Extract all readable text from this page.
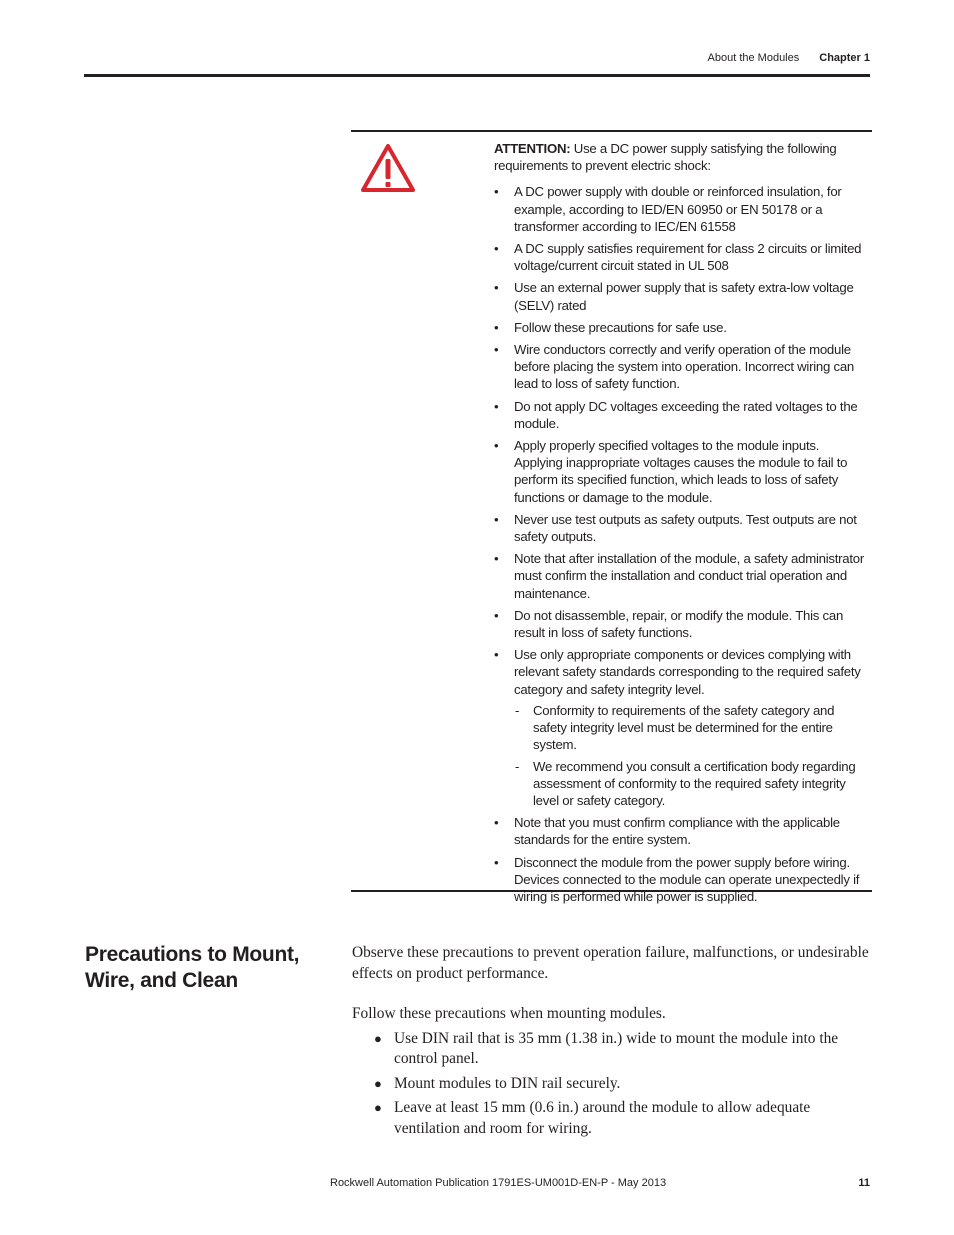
About the Modules Chapter 1

ATTENTION: Use a DC power supply satisfying the following requirements to prevent electric shock:

• A DC power supply with double or reinforced insulation, for example, according to IED/EN 60950 or EN 50178 or a transformer according to IEC/EN 61558
• A DC supply satisfies requirement for class 2 circuits or limited voltage/current circuit stated in UL 508
• Use an external power supply that is safety extra-low voltage (SELV) rated
• Follow these precautions for safe use.
• Wire conductors correctly and verify operation of the module before placing the system into operation. Incorrect wiring can lead to loss of safety function.
• Do not apply DC voltages exceeding the rated voltages to the module.
• Apply properly specified voltages to the module inputs. Applying inappropriate voltages causes the module to fail to perform its specified function, which leads to loss of safety functions or damage to the module.
• Never use test outputs as safety outputs. Test outputs are not safety outputs.
• Note that after installation of the module, a safety administrator must confirm the installation and conduct trial operation and maintenance.
• Do not disassemble, repair, or modify the module. This can result in loss of safety functions.
• Use only appropriate components or devices complying with relevant safety standards corresponding to the required safety category and safety integrity level.
- Conformity to requirements of the safety category and safety integrity level must be determined for the entire system.
- We recommend you consult a certification body regarding assessment of conformity to the required safety integrity level or safety category.
• Note that you must confirm compliance with the applicable standards for the entire system.
• Disconnect the module from the power supply before wiring. Devices connected to the module can operate unexpectedly if wiring is performed while power is supplied.
Precautions to Mount, Wire, and Clean

Observe these precautions to prevent operation failure, malfunctions, or undesirable effects on product performance.

Follow these precautions when mounting modules.

● Use DIN rail that is 35 mm (1.38 in.) wide to mount the module into the control panel.
● Mount modules to DIN rail securely.
● Leave at least 15 mm (0.6 in.) around the module to allow adequate ventilation and room for wiring.
Rockwell Automation Publication 1791ES-UM001D-EN-P - May 2013	11
